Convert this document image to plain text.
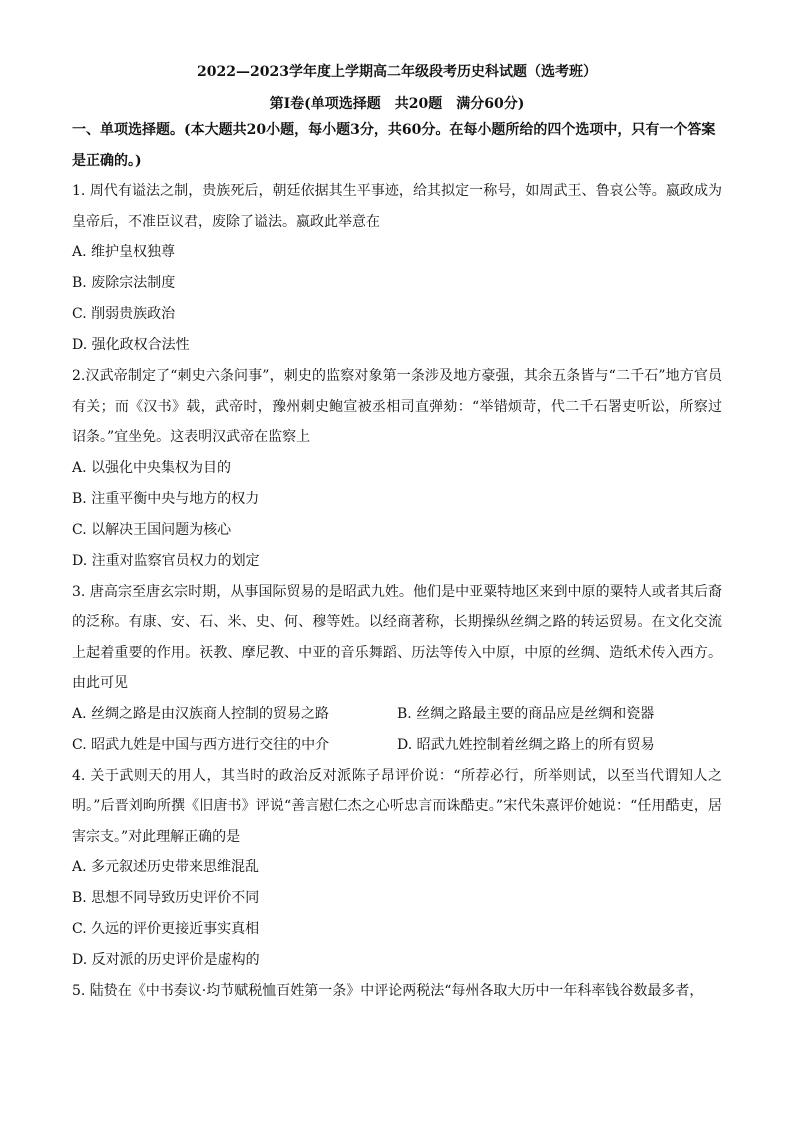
2022—2023学年度上学期高二年级段考历史科试题（选考班）

第Ⅰ卷(单项选择题　共20题　满分60分)

一、单项选择题。(本大题共20小题，每小题3分，共60分。在每小题所给的四个选项中，只有一个答案是正确的。)

1. 周代有谥法之制，贵族死后，朝廷依据其生平事迹，给其拟定一称号，如周武王、鲁哀公等。嬴政成为皇帝后，不准臣议君，废除了谥法。嬴政此举意在

A. 维护皇权独尊

B. 废除宗法制度

C. 削弱贵族政治

D. 强化政权合法性

2.汉武帝制定了“刺史六条问事”，刺史的监察对象第一条涉及地方豪强，其余五条皆与“二千石”地方官员有关；而《汉书》载，武帝时，豫州刺史鲍宣被丞相司直弹劾：“举错烦苛，代二千石署吏听讼，所察过诏条。”宜坐免。这表明汉武帝在监察上

A. 以强化中央集权为目的

B. 注重平衡中央与地方的权力

C. 以解决王国问题为核心

D. 注重对监察官员权力的划定

3. 唐高宗至唐玄宗时期，从事国际贸易的是昭武九姓。他们是中亚粟特地区来到中原的粟特人或者其后裔的泛称。有康、安、石、米、史、何、穆等姓。以经商著称，长期操纵丝绸之路的转运贸易。在文化交流上起着重要的作用。祆教、摩尼教、中亚的音乐舞蹈、历法等传入中原，中原的丝绸、造纸术传入西方。由此可见

A. 丝绸之路是由汉族商人控制的贸易之路	B. 丝绸之路最主要的商品应是丝绸和瓷器
C. 昭武九姓是中国与西方进行交往的中介	D. 昭武九姓控制着丝绸之路上的所有贸易

4. 关于武则天的用人，其当时的政治反对派陈子昂评价说：“所荐必行，所举则试，以至当代谓知人之明。”后晋刘昫所撰《旧唐书》评说“善言慰仁杰之心听忠言而诛酷吏。”宋代朱熹评价她说：“任用酷吏，居害宗支。”对此理解正确的是

A. 多元叙述历史带来思维混乱

B. 思想不同导致历史评价不同

C. 久远的评价更接近事实真相

D. 反对派的历史评价是虚构的

5. 陆贽在《中书奏议·均节赋税恤百姓第一条》中评论两税法“每州各取大历中一年科率钱谷数最多者，
